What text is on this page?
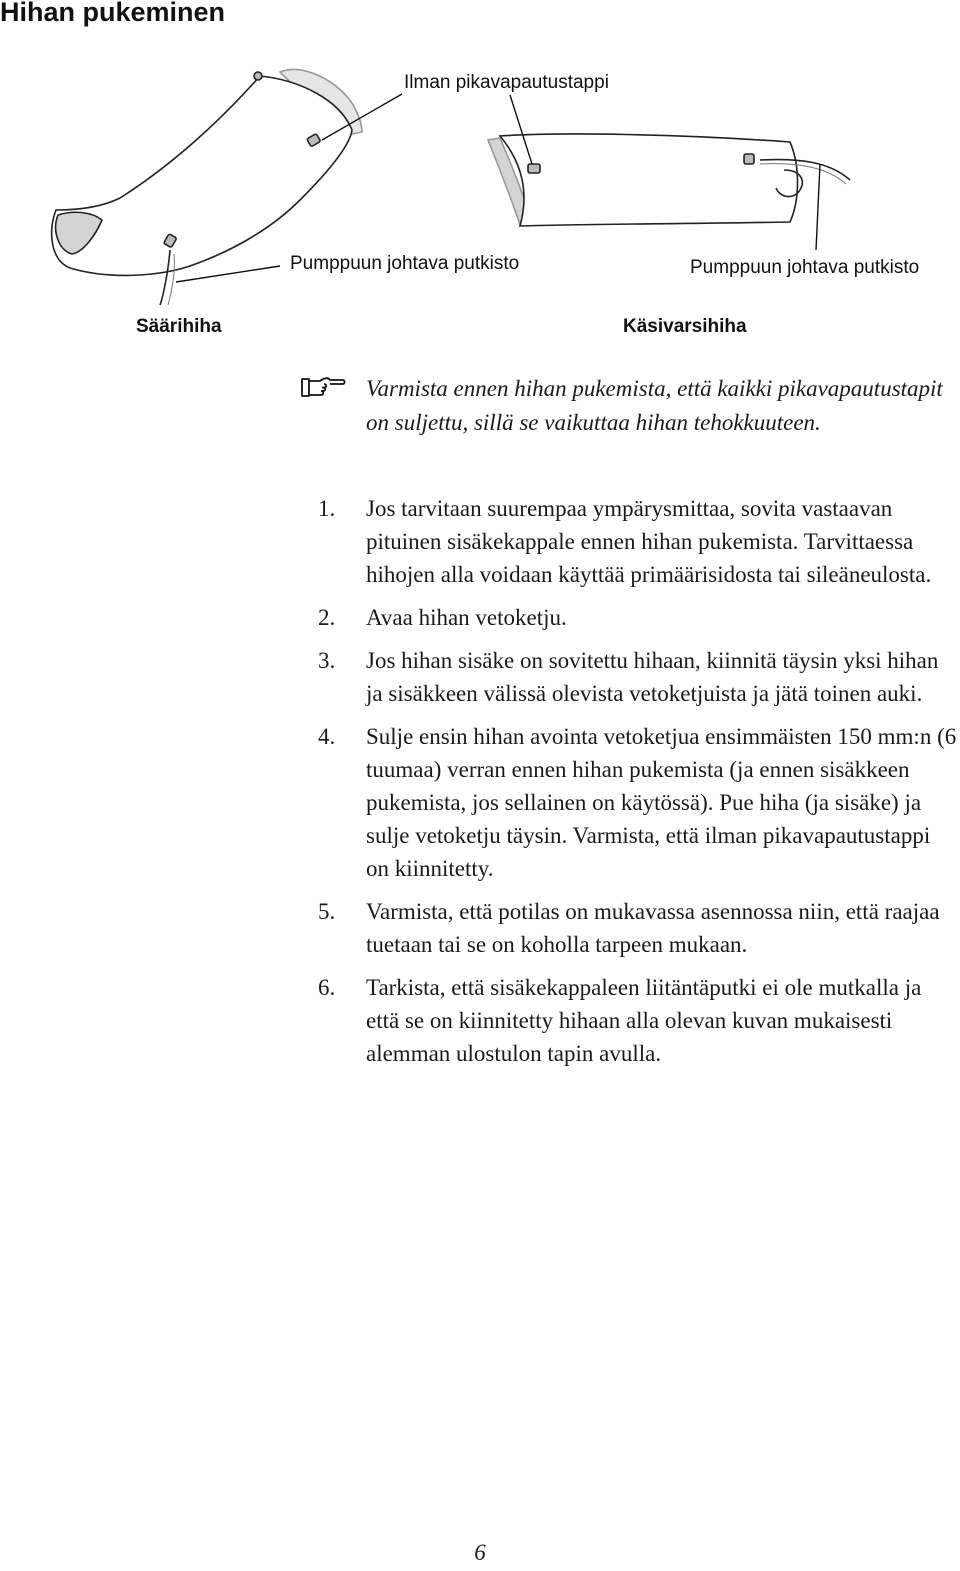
Hihan pukeminen
Ilman pikavapautustappi
Pumppuun johtava putkisto	Pumppuun johtava putkisto
Säärihiha	Käsivarsihiha
Varmista ennen hihan pukemista, että kaikki pikavapautustapit on suljettu, sillä se vaikuttaa hihan tehokkuuteen.
1. Jos tarvitaan suurempaa ympärysmittaa, sovita vastaavan pituinen sisäkekappale ennen hihan pukemista. Tarvittaessa hihojen alla voidaan käyttää primäärisidosta tai sileäneulosta.
2. Avaa hihan vetoketju.
3. Jos hihan sisäke on sovitettu hihaan, kiinnitä täysin yksi hihan ja sisäkkeen välissä olevista vetoketjuista ja jätä toinen auki.
4. Sulje ensin hihan avointa vetoketjua ensimmäisten 150 mm:n (6 tuumaa) verran ennen hihan pukemista (ja ennen sisäkkeen pukemista, jos sellainen on käytössä). Pue hiha (ja sisäke) ja sulje vetoketju täysin. Varmista, että ilman pikavapautustappi on kiinnitetty.
5. Varmista, että potilas on mukavassa asennossa niin, että raajaa tuetaan tai se on koholla tarpeen mukaan.
6. Tarkista, että sisäkekappaleen liitäntäputki ei ole mutkalla ja että se on kiinnitetty hihaan alla olevan kuvan mukaisesti alemman ulostulon tapin avulla.
6
